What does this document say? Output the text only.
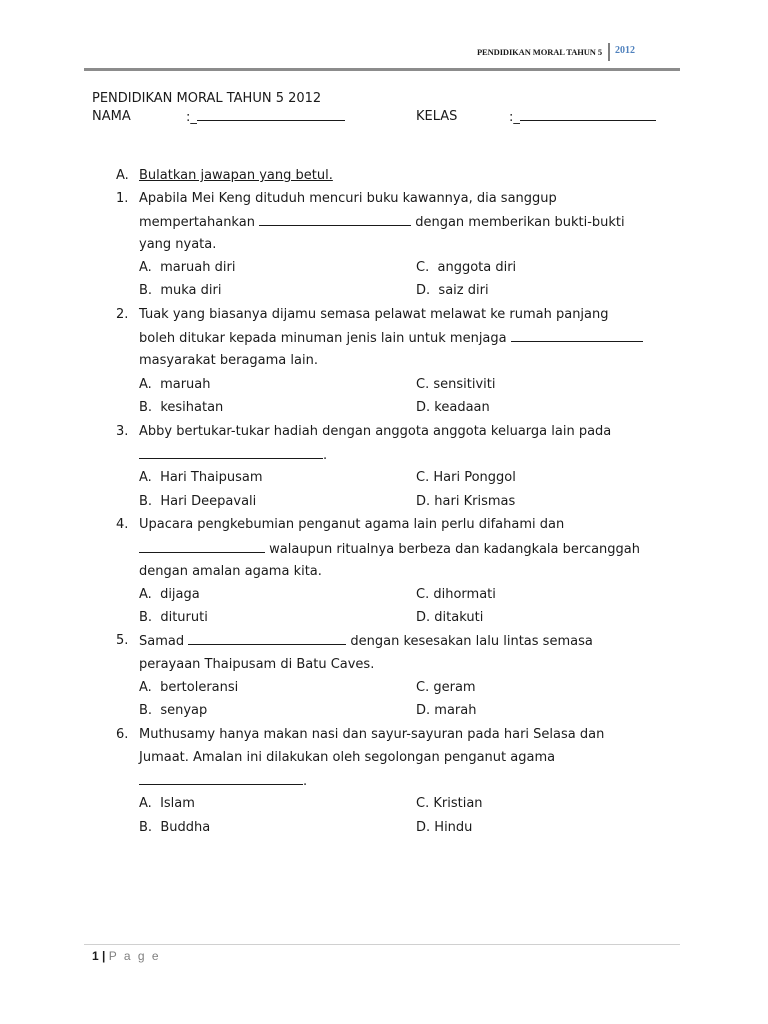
PENDIDIKAN MORAL TAHUN 5 2012
PENDIDIKAN MORAL TAHUN 5 2012
NAMA	:_	KELAS	:_
A. Bulatkan jawapan yang betul.
1. Apabila Mei Keng dituduh mencuri buku kawannya, dia sanggup
mempertahankan	dengan memberikan bukti-bukti
yang nyata.
A. maruah diri	C. anggota diri
B. muka diri	D. saiz diri
2. Tuak yang biasanya dijamu semasa pelawat melawat ke rumah panjang
boleh ditukar kepada minuman jenis lain untuk menjaga
masyarakat beragama lain.
A. maruah	C. sensitiviti
B. kesihatan	D. keadaan
3. Abby bertukar-tukar hadiah dengan anggota anggota keluarga lain pada
.
A. Hari Thaipusam	C. Hari Ponggol
B. Hari Deepavali	D. hari Krismas
4. Upacara pengkebumian penganut agama lain perlu difahami dan
walaupun ritualnya berbeza dan kadangkala bercanggah
dengan amalan agama kita.
A. dijaga	C. dihormati
B. dituruti	D. ditakuti
5. Samad	dengan kesesakan lalu lintas semasa
perayaan Thaipusam di Batu Caves.
A. bertoleransi	C. geram
B. senyap	D. marah
6. Muthusamy hanya makan nasi dan sayur-sayuran pada hari Selasa dan
Jumaat. Amalan ini dilakukan oleh segolongan penganut agama
.
A. Islam	C. Kristian
B. Buddha	D. Hindu
1 | P a g e
